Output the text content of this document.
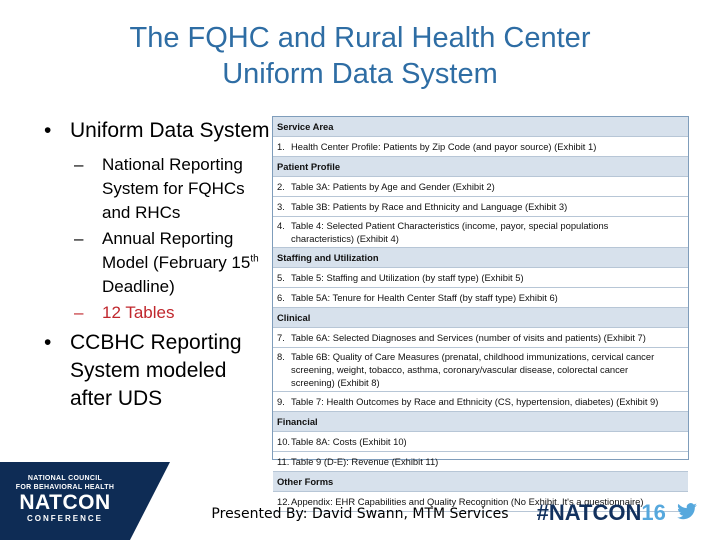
The FQHC and Rural Health Center
Uniform Data System
• Uniform Data System
– National Reporting System for FQHCs and RHCs
– Annual Reporting Model (February 15th Deadline)
– 12 Tables
• CCBHC Reporting System modeled after UDS
Service Area
1. Health Center Profile: Patients by Zip Code (and payor source) (Exhibit 1)
Patient Profile
2. Table 3A: Patients by Age and Gender (Exhibit 2)
3. Table 3B: Patients by Race and Ethnicity and Language (Exhibit 3)
4. Table 4: Selected Patient Characteristics (income, payor, special populations
characteristics) (Exhibit 4)
Staffing and Utilization
5. Table 5: Staffing and Utilization (by staff type) (Exhibit 5)
6. Table 5A: Tenure for Health Center Staff (by staff type) Exhibit 6)
Clinical
7. Table 6A: Selected Diagnoses and Services (number of visits and patients) (Exhibit 7)
8. Table 6B: Quality of Care Measures (prenatal, childhood immunizations, cervical cancer
screening, weight, tobacco, asthma, coronary/vascular disease, colorectal cancer
screening) (Exhibit 8)
9. Table 7: Health Outcomes by Race and Ethnicity (CS, hypertension, diabetes) (Exhibit 9)
Financial
10.Table 8A: Costs (Exhibit 10)
11. Table 9 (D-E): Revenue (Exhibit 11)
Other Forms
12.Appendix: EHR Capabilities and Quality Recognition (No Exhibit. It's a questionnaire)
NATIONAL COUNCIL
FOR BEHAVIORAL HEALTH
NATCON
CONFERENCE	Presented By: David Swann, MTM Services	#NATCON16
